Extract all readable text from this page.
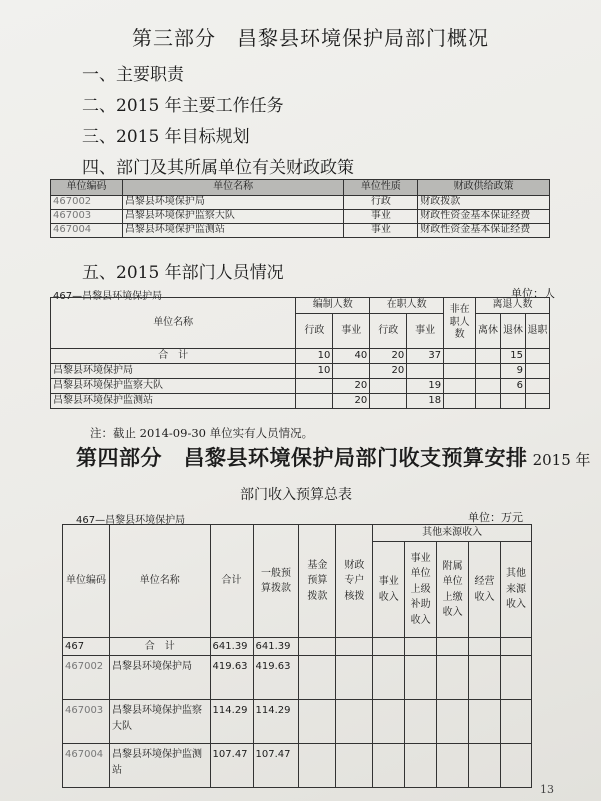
第三部分　昌黎县环境保护局部门概况
一、主要职责
二、2015 年主要工作任务
三、2015 年目标规划
四、部门及其所属单位有关财政政策
单位编码	单位名称	单位性质	财政供给政策
467002	昌黎县环境保护局	行政	财政拨款
467003	昌黎县环境保护监察大队	事业	财政性资金基本保证经费
467004	昌黎县环境保护监测站	事业	财政性资金基本保证经费
五、2015 年部门人员情况
467—昌黎县环境保护局	单位：人
单位名称	编制人数		在职人数		非在职人数	离退人数		
	行政	事业	行政	事业		离休	退休	退职
合　计	10	40	20	37			15	
昌黎县环境保护局	10		20				9	
昌黎县环境保护监察大队		20		19			6	
昌黎县环境保护监测站		20		18				
注：截止 2014-09-30 单位实有人员情况。
第四部分　昌黎县环境保护局部门收支预算安排 2015 年
部门收入预算总表
467—昌黎县环境保护局	单位：万元
单位编码	单位名称	合计	一般预算拨款	基金预算拨款	财政专户核拨	其他来源收入				
						事业收入	事业单位上级补助收入	附属单位上缴收入	经营收入	其他来源收入
467	合　计	641.39	641.39							
467002	昌黎县环境保护局	419.63	419.63							
467003	昌黎县环境保护监察大队	114.29	114.29							
467004	昌黎县环境保护监测站	107.47	107.47							
13
